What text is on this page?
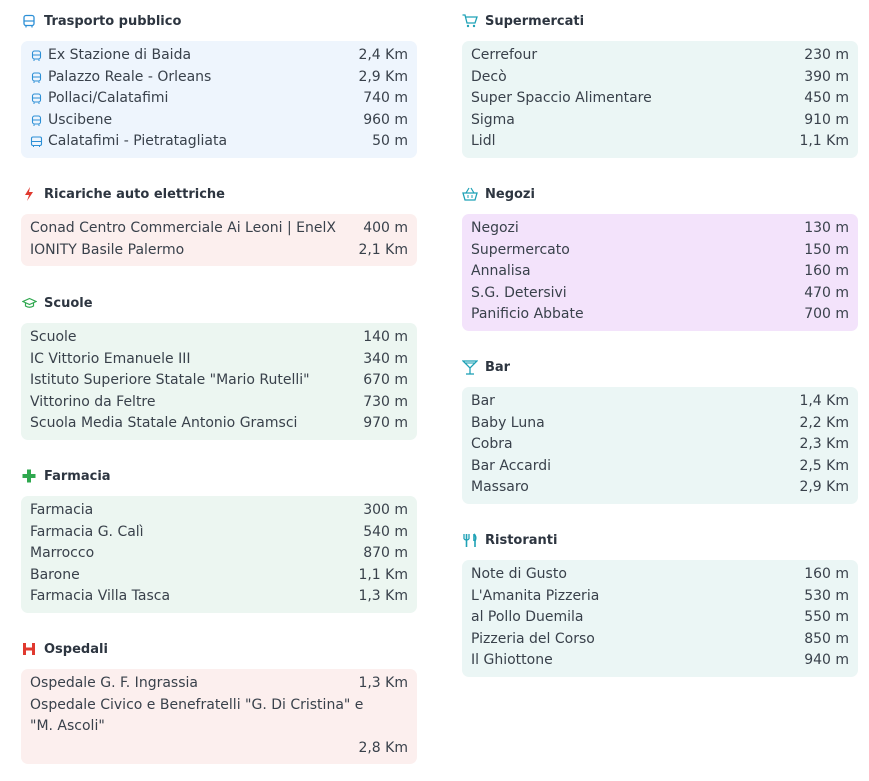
Trasporto pubblico
Ex Stazione di Baida	2,4 Km
Palazzo Reale - Orleans	2,9 Km
Pollaci/Calatafimi	740 m
Uscibene	960 m
Calatafimi - Pietratagliata	50 m
Ricariche auto elettriche
Conad Centro Commerciale Ai Leoni | EnelX 400 m
IONITY Basile Palermo	2,1 Km
Scuole
Scuole	140 m
IC Vittorio Emanuele III	340 m
Istituto Superiore Statale "Mario Rutelli"	670 m
Vittorino da Feltre	730 m
Scuola Media Statale Antonio Gramsci	970 m
Farmacia
Farmacia	300 m
Farmacia G. Calì	540 m
Marrocco	870 m
Barone	1,1 Km
Farmacia Villa Tasca	1,3 Km
Ospedali
Ospedale G. F. Ingrassia	1,3 Km
Ospedale Civico e Benefratelli "G. Di Cristina" e "M. Ascoli"
2,8 Km
Supermercati
Cerrefour	230 m
Decò	390 m
Super Spaccio Alimentare	450 m
Sigma	910 m
Lidl	1,1 Km
Negozi
Negozi	130 m
Supermercato	150 m
Annalisa	160 m
S.G. Detersivi	470 m
Panificio Abbate	700 m
Bar
Bar	1,4 Km
Baby Luna	2,2 Km
Cobra	2,3 Km
Bar Accardi	2,5 Km
Massaro	2,9 Km
Ristoranti
Note di Gusto	160 m
L'Amanita Pizzeria	530 m
al Pollo Duemila	550 m
Pizzeria del Corso	850 m
Il Ghiottone	940 m
